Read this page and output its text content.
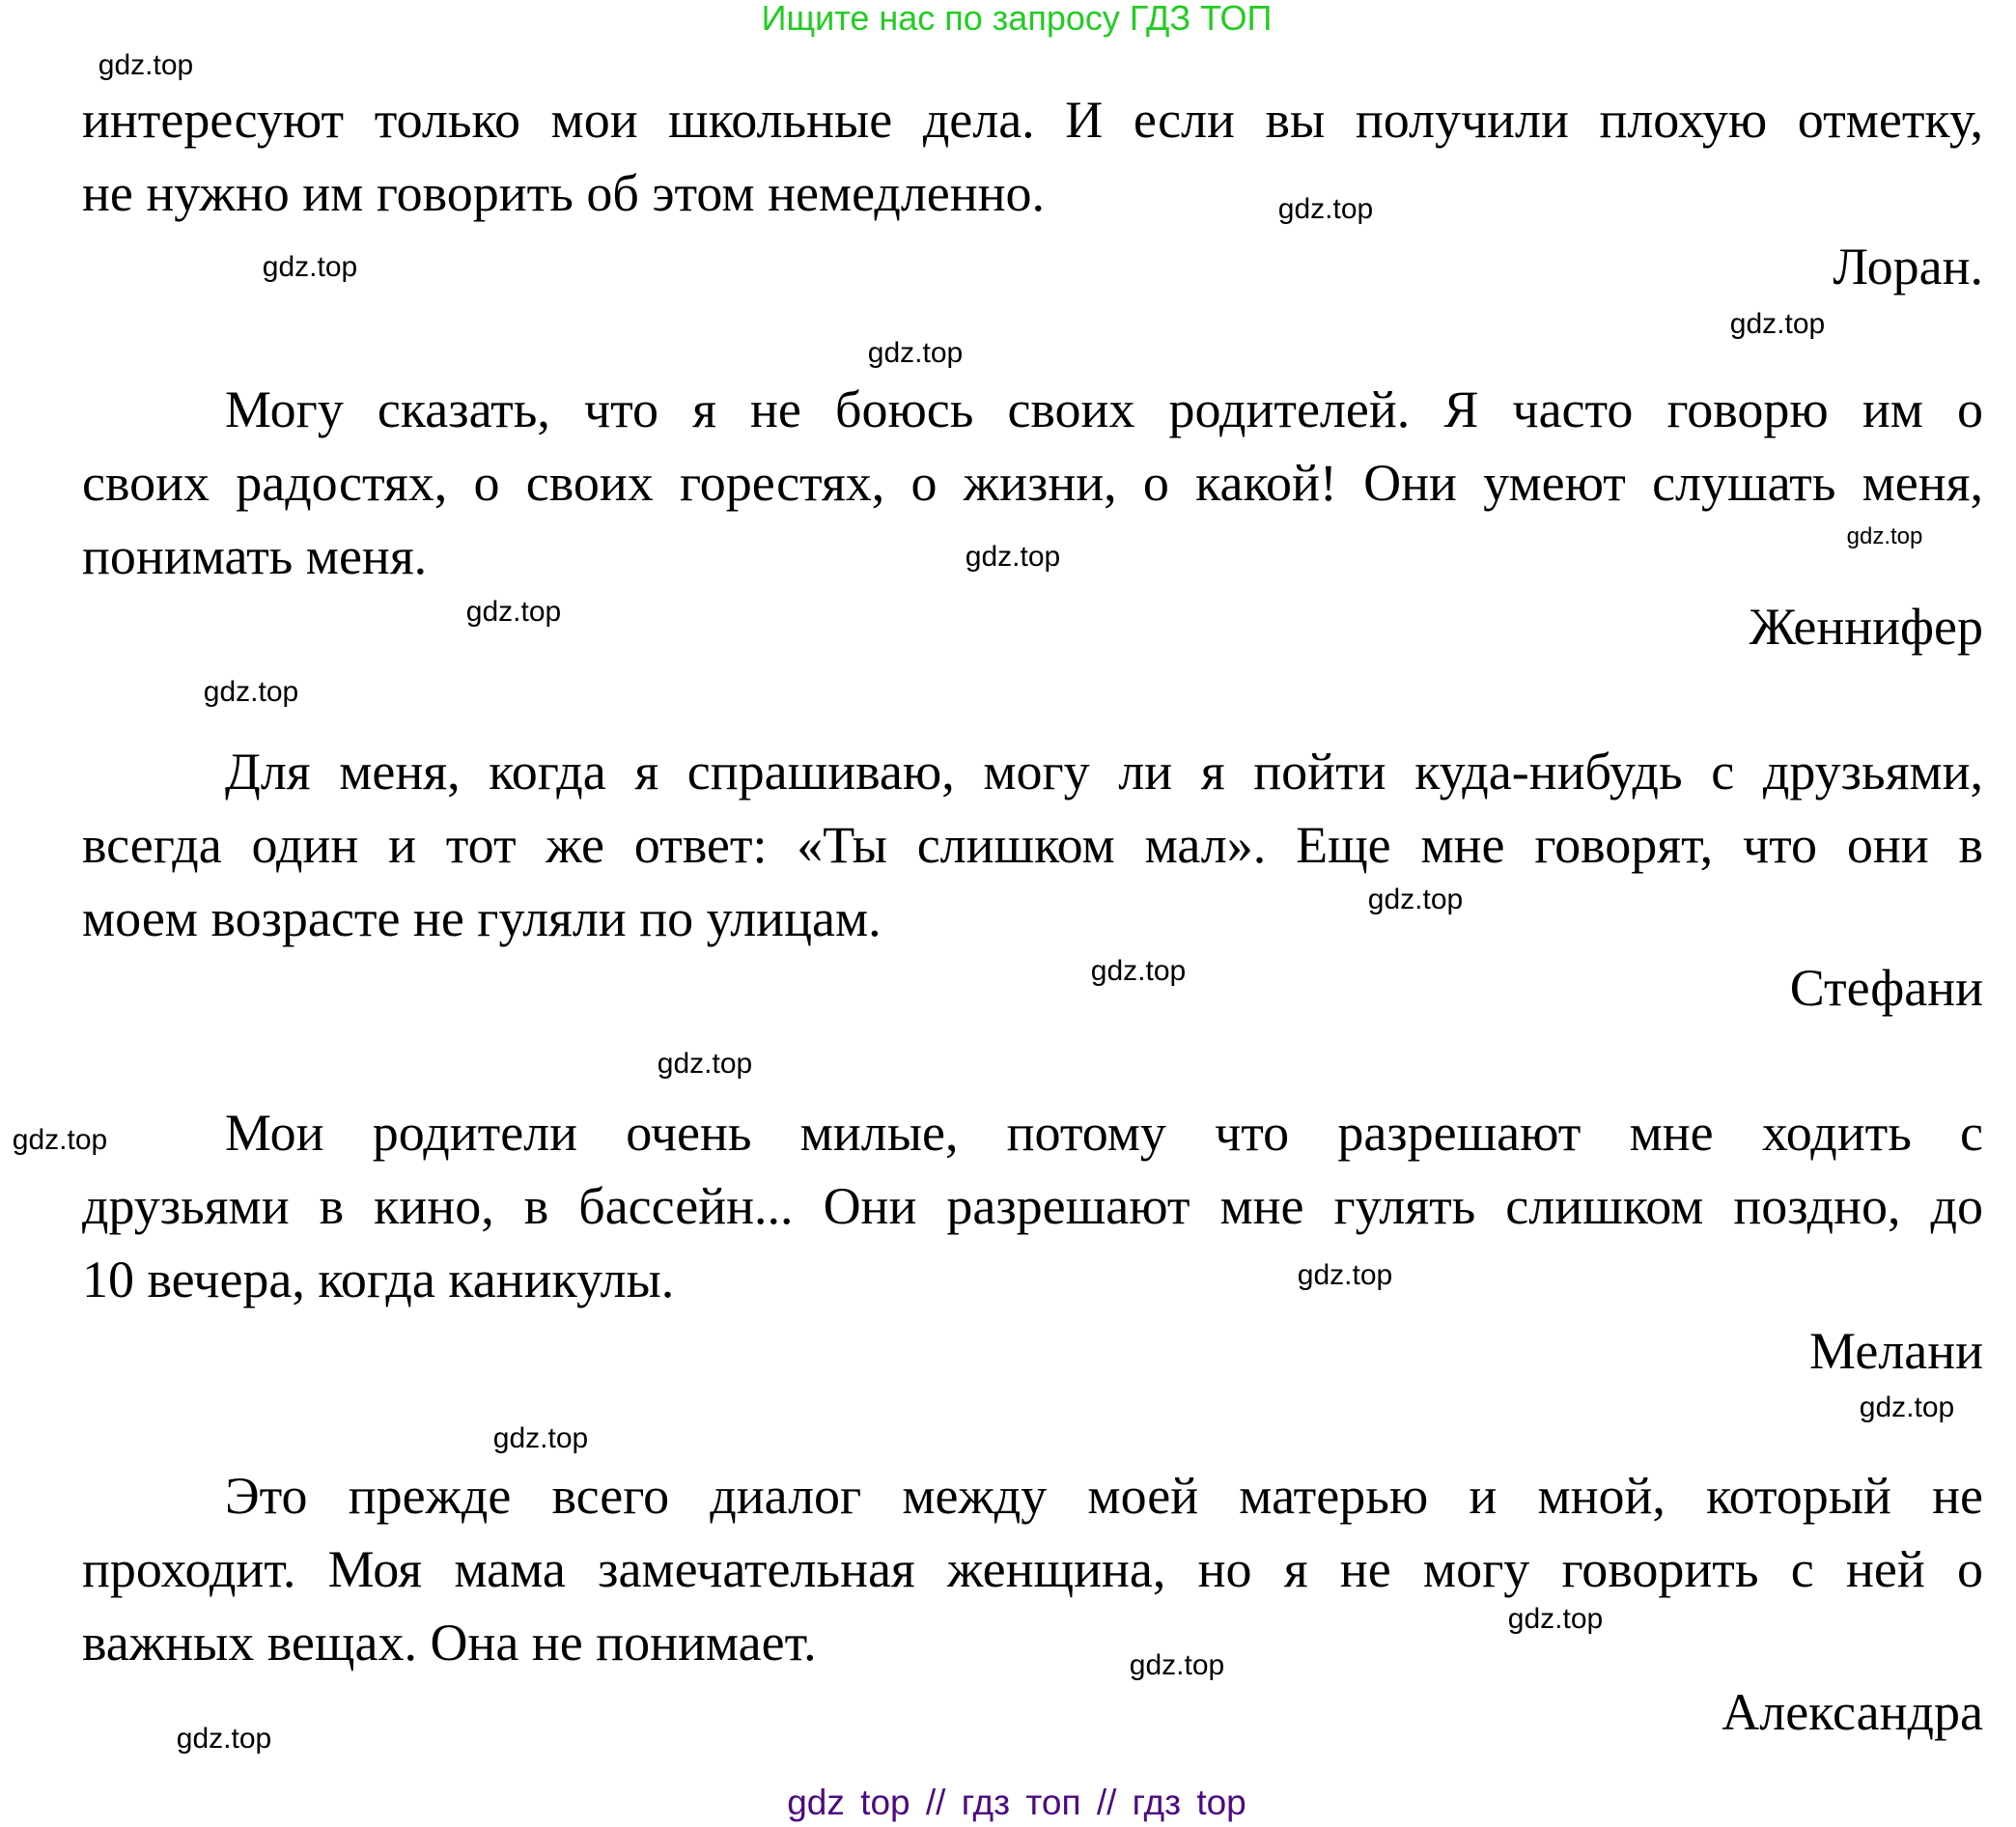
Ищите нас по запросу ГДЗ ТОП
интересуют только мои школьные дела. И если вы получили плохую отметку,
не нужно им говорить об этом немедленно.
Лоран.
Могу сказать, что я не боюсь своих родителей. Я часто говорю им о
своих радостях, о своих горестях, о жизни, о какой! Они умеют слушать меня,
понимать меня.
Женнифер
Для меня, когда я спрашиваю, могу ли я пойти куда-нибудь с друзьями,
всегда один и тот же ответ: «Ты слишком мал». Еще мне говорят, что они в
моем возрасте не гуляли по улицам.
Стефани
Мои родители очень милые, потому что разрешают мне ходить с
друзьями в кино, в бассейн... Они разрешают мне гулять слишком поздно, до
10 вечера, когда каникулы.
Мелани
Это прежде всего диалог между моей матерью и мной, который не
проходит. Моя мама замечательная женщина, но я не могу говорить с ней о
важных вещах. Она не понимает.
Александра
gdz.top
gdz.top
gdz.top
gdz.top
gdz.top
gdz.top
gdz.top
gdz.top
gdz.top
gdz.top
gdz.top
gdz.top
gdz.top
gdz.top
gdz.top
gdz.top
gdz.top
gdz.top
gdz.top
gdz top // гдз топ // гдз top
